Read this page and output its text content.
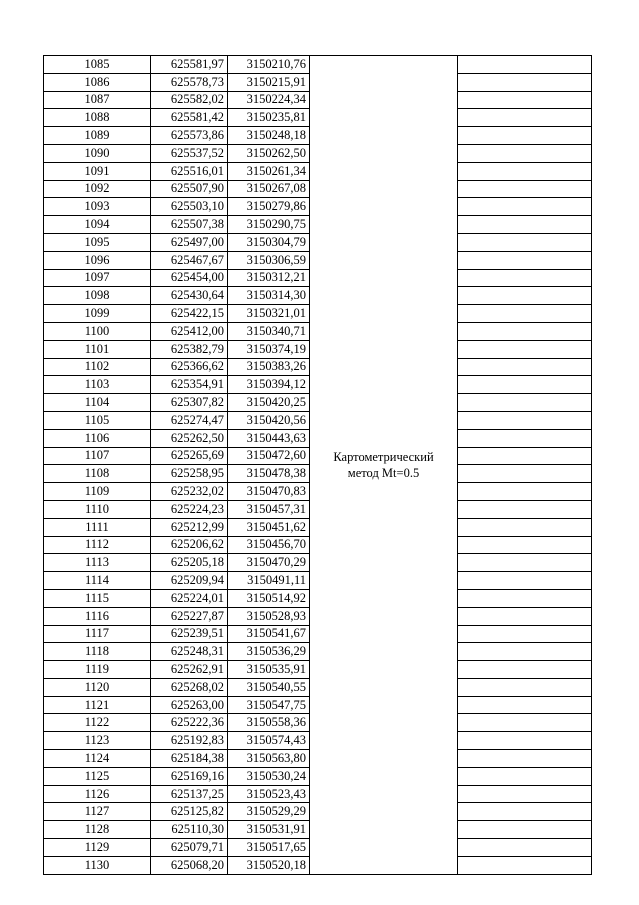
1085	625581,97	3150210,76	Картометрический
метод Mt=0.5	
1086	625578,73	3150215,91		
1087	625582,02	3150224,34		
1088	625581,42	3150235,81		
1089	625573,86	3150248,18		
1090	625537,52	3150262,50		
1091	625516,01	3150261,34		
1092	625507,90	3150267,08		
1093	625503,10	3150279,86		
1094	625507,38	3150290,75		
1095	625497,00	3150304,79		
1096	625467,67	3150306,59		
1097	625454,00	3150312,21		
1098	625430,64	3150314,30		
1099	625422,15	3150321,01		
1100	625412,00	3150340,71		
1101	625382,79	3150374,19		
1102	625366,62	3150383,26		
1103	625354,91	3150394,12		
1104	625307,82	3150420,25		
1105	625274,47	3150420,56		
1106	625262,50	3150443,63		
1107	625265,69	3150472,60		
1108	625258,95	3150478,38		
1109	625232,02	3150470,83		
1110	625224,23	3150457,31		
1111	625212,99	3150451,62		
1112	625206,62	3150456,70		
1113	625205,18	3150470,29		
1114	625209,94	3150491,11		
1115	625224,01	3150514,92		
1116	625227,87	3150528,93		
1117	625239,51	3150541,67		
1118	625248,31	3150536,29		
1119	625262,91	3150535,91		
1120	625268,02	3150540,55		
1121	625263,00	3150547,75		
1122	625222,36	3150558,36		
1123	625192,83	3150574,43		
1124	625184,38	3150563,80		
1125	625169,16	3150530,24		
1126	625137,25	3150523,43		
1127	625125,82	3150529,29		
1128	625110,30	3150531,91		
1129	625079,71	3150517,65		
1130	625068,20	3150520,18		
